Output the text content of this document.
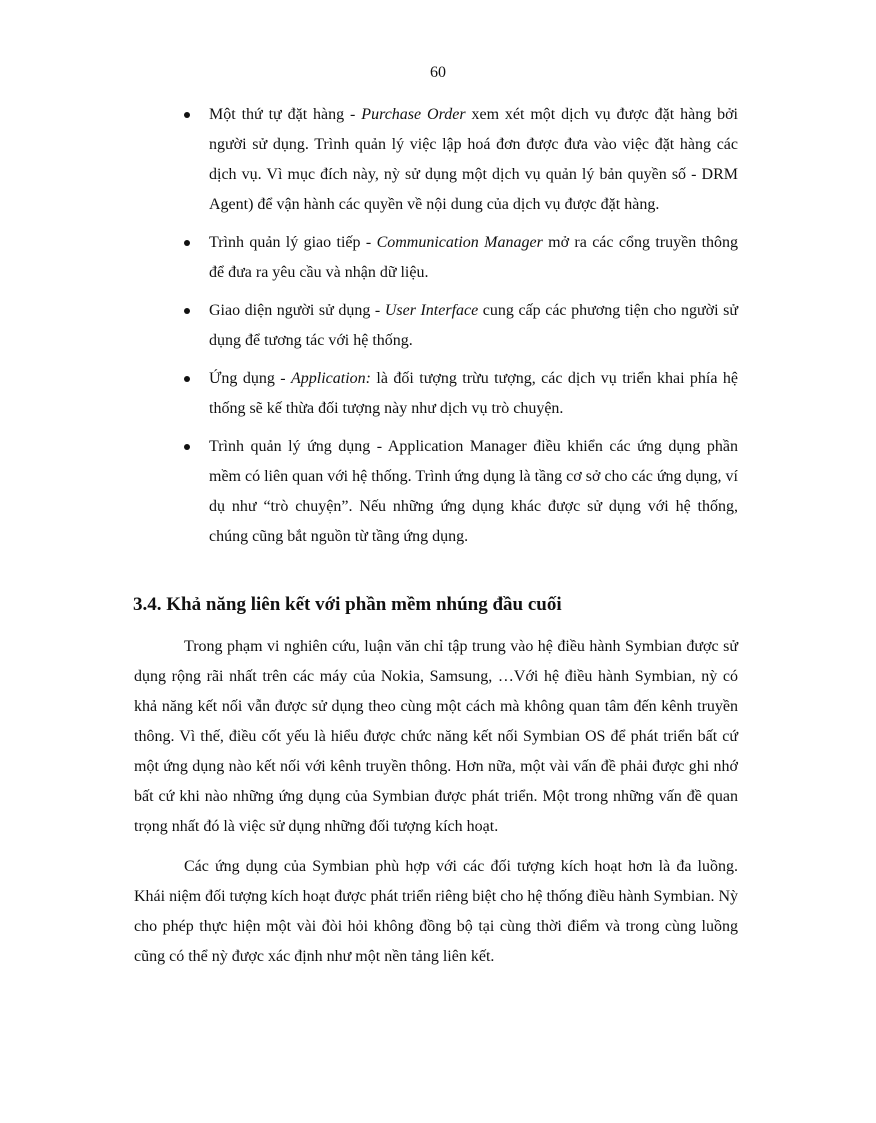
60
Một thứ tự đặt hàng - Purchase Order xem xét một dịch vụ được đặt hàng bởi người sử dụng. Trình quản lý việc lập hoá đơn được đưa vào việc đặt hàng các dịch vụ. Vì mục đích này, nỳ sử dụng một dịch vụ quản lý bản quyền số - DRM Agent) để vận hành các quyền về nội dung của dịch vụ được đặt hàng.
Trình quản lý giao tiếp - Communication Manager mở ra các cổng truyền thông để đưa ra yêu cầu và nhận dữ liệu.
Giao diện người sử dụng - User Interface cung cấp các phương tiện cho người sử dụng để tương tác với hệ thống.
Ứng dụng - Application: là đối tượng trừu tượng, các dịch vụ triển khai phía hệ thống sẽ kế thừa đối tượng này như dịch vụ trò chuyện.
Trình quản lý ứng dụng - Application Manager điều khiển các ứng dụng phần mềm có liên quan với hệ thống. Trình ứng dụng là tầng cơ sở cho các ứng dụng, ví dụ như “trò chuyện”. Nếu những ứng dụng khác được sử dụng với hệ thống, chúng cũng bắt nguồn từ tầng ứng dụng.
3.4. Khả năng liên kết với phần mềm nhúng đầu cuối

Trong phạm vi nghiên cứu, luận văn chỉ tập trung vào hệ điều hành Symbian được sử dụng rộng rãi nhất trên các máy của Nokia, Samsung, …Với hệ điều hành Symbian, nỳ có khả năng kết nối vẫn được sử dụng theo cùng một cách mà không quan tâm đến kênh truyền thông. Vì thế, điều cốt yếu là hiểu được chức năng kết nối Symbian OS để phát triển bất cứ một ứng dụng nào kết nối với kênh truyền thông. Hơn nữa, một vài vấn đề phải được ghi nhớ bất cứ khi nào những ứng dụng của Symbian được phát triển. Một trong những vấn đề quan trọng nhất đó là việc sử dụng những đối tượng kích hoạt.

Các ứng dụng của Symbian phù hợp với các đối tượng kích hoạt hơn là đa luồng. Khái niệm đối tượng kích hoạt được phát triển riêng biệt cho hệ thống điều hành Symbian. Nỳ cho phép thực hiện một vài đòi hỏi không đồng bộ tại cùng thời điểm và trong cùng luồng cũng có thể nỳ được xác định như một nền tảng liên kết.
